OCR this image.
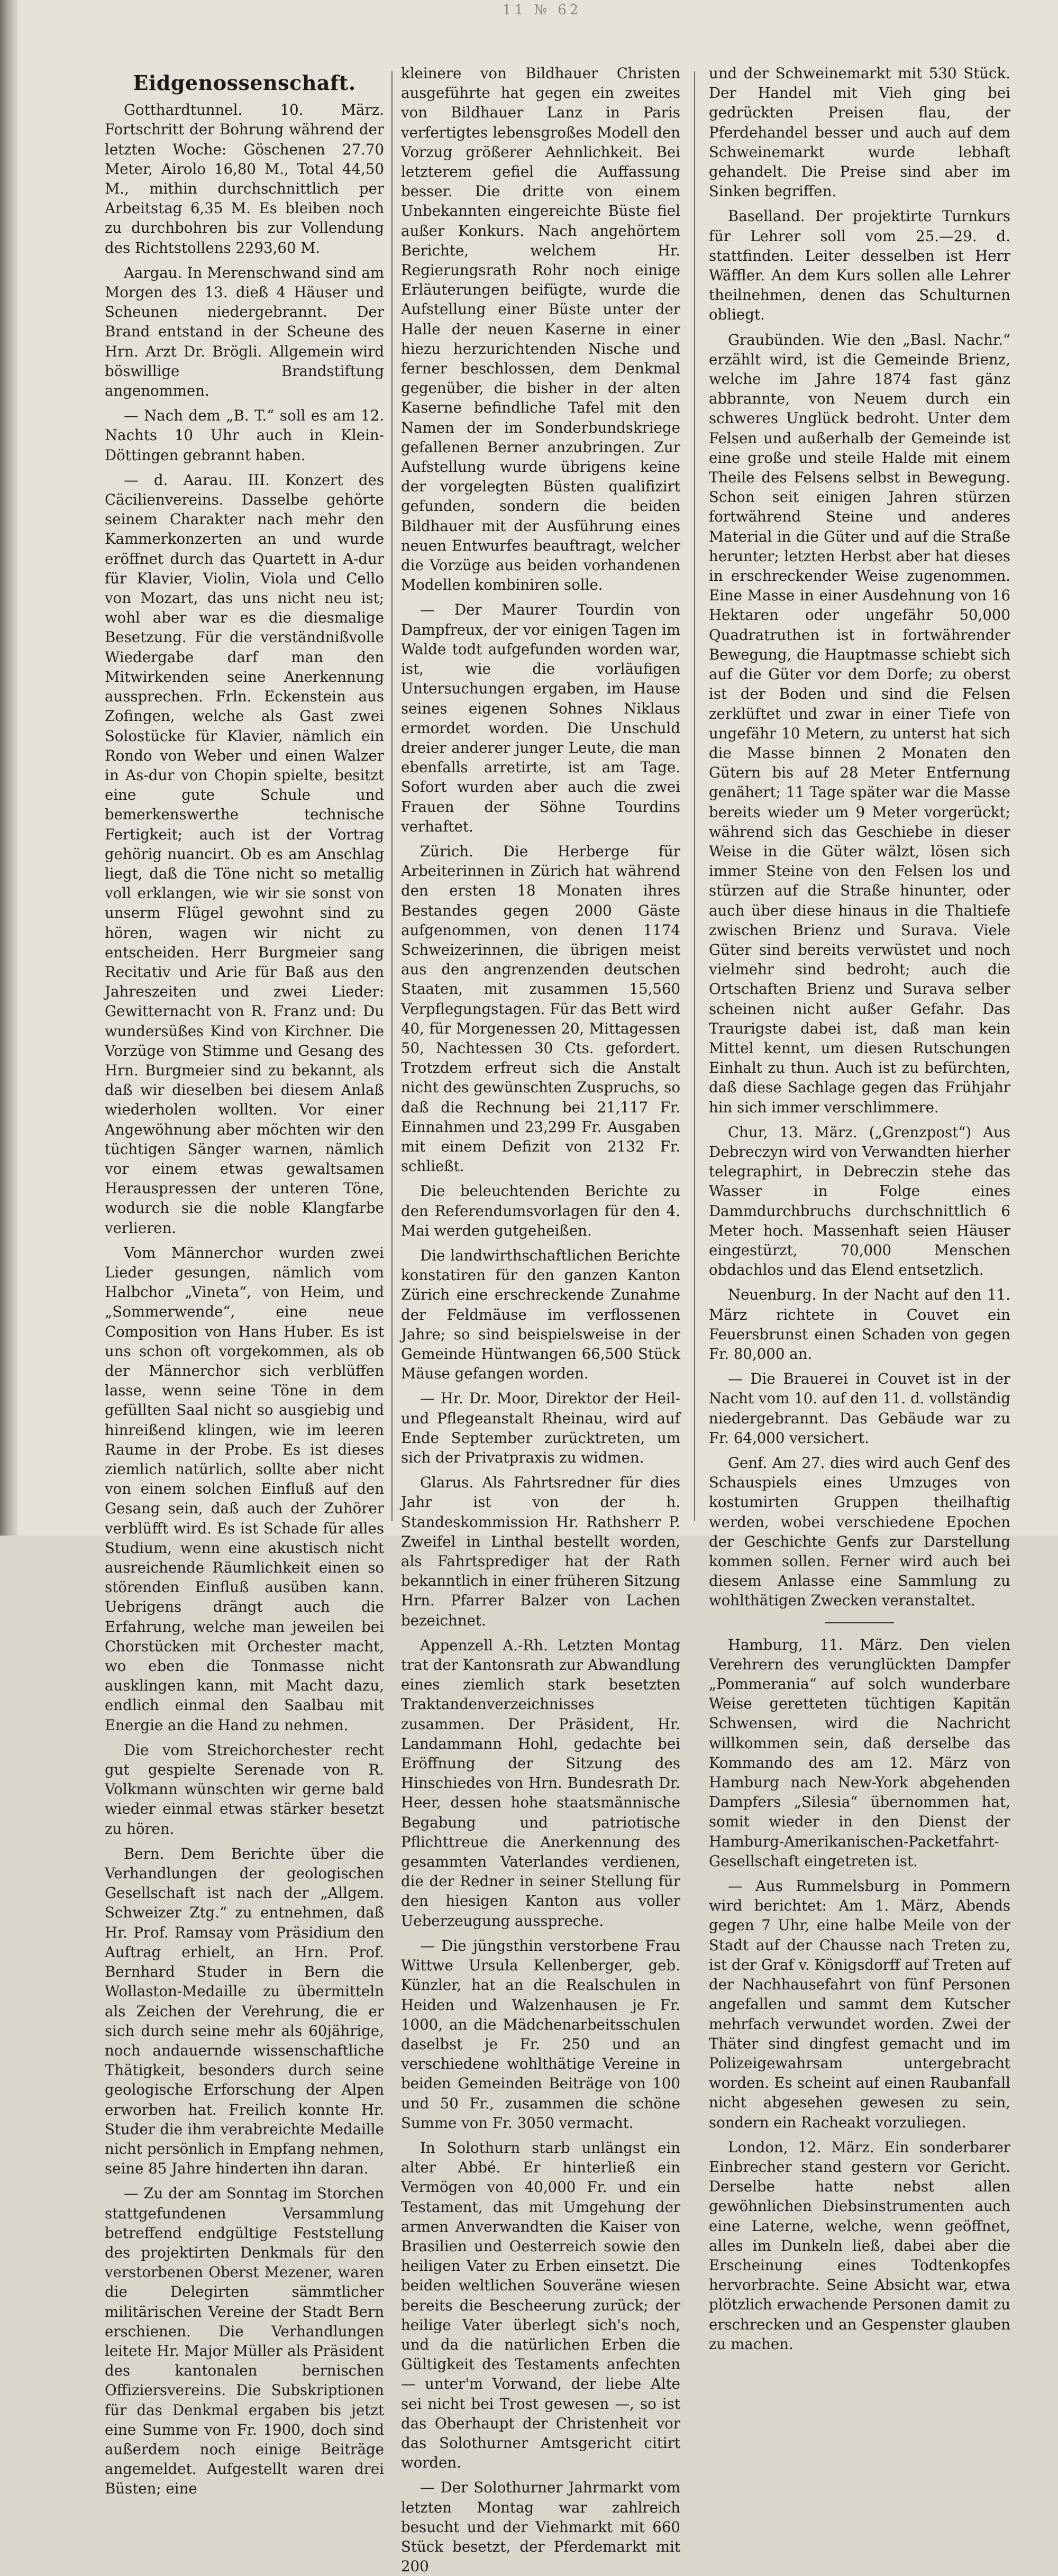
11 № 62
Eidgenossenschaft.

Gotthardtunnel. 10. März. Fortschritt der Bohrung während der letzten Woche: Göschenen 27.70 Meter, Airolo 16,80 M., Total 44,50 M., mithin durchschnittlich per Arbeitstag 6,35 M. Es bleiben noch zu durchbohren bis zur Vollendung des Richtstollens 2293,60 M.

Aargau. In Merenschwand sind am Morgen des 13. dieß 4 Häuser und Scheunen niedergebrannt. Der Brand entstand in der Scheune des Hrn. Arzt Dr. Brögli. Allgemein wird böswillige Brandstiftung angenommen.

— Nach dem „B. T.“ soll es am 12. Nachts 10 Uhr auch in Klein-Döttingen gebrannt haben.

— d. Aarau. III. Konzert des Cäcilienvereins. Dasselbe gehörte seinem Charakter nach mehr den Kammerkonzerten an und wurde eröffnet durch das Quartett in A-dur für Klavier, Violin, Viola und Cello von Mozart, das uns nicht neu ist; wohl aber war es die diesmalige Besetzung. Für die verständnißvolle Wiedergabe darf man den Mitwirkenden seine Anerkennung aussprechen. Frln. Eckenstein aus Zofingen, welche als Gast zwei Solostücke für Klavier, nämlich ein Rondo von Weber und einen Walzer in As-dur von Chopin spielte, besitzt eine gute Schule und bemerkenswerthe technische Fertigkeit; auch ist der Vortrag gehörig nuancirt. Ob es am Anschlag liegt, daß die Töne nicht so metallig voll erklangen, wie wir sie sonst von unserm Flügel gewohnt sind zu hören, wagen wir nicht zu entscheiden. Herr Burgmeier sang Recitativ und Arie für Baß aus den Jahreszeiten und zwei Lieder: Gewitternacht von R. Franz und: Du wundersüßes Kind von Kirchner. Die Vorzüge von Stimme und Gesang des Hrn. Burgmeier sind zu bekannt, als daß wir dieselben bei diesem Anlaß wiederholen wollten. Vor einer Angewöhnung aber möchten wir den tüchtigen Sänger warnen, nämlich vor einem etwas gewaltsamen Herauspressen der unteren Töne, wodurch sie die noble Klangfarbe verlieren.

Vom Männerchor wurden zwei Lieder gesungen, nämlich vom Halbchor „Vineta“, von Heim, und „Sommerwende“, eine neue Composition von Hans Huber. Es ist uns schon oft vorgekommen, als ob der Männerchor sich verblüffen lasse, wenn seine Töne in dem gefüllten Saal nicht so ausgiebig und hinreißend klingen, wie im leeren Raume in der Probe. Es ist dieses ziemlich natürlich, sollte aber nicht von einem solchen Einfluß auf den Gesang sein, daß auch der Zuhörer verblüfft wird. Es ist Schade für alles Studium, wenn eine akustisch nicht ausreichende Räumlichkeit einen so störenden Einfluß ausüben kann. Uebrigens drängt auch die Erfahrung, welche man jeweilen bei Chorstücken mit Orchester macht, wo eben die Tonmasse nicht ausklingen kann, mit Macht dazu, endlich einmal den Saalbau mit Energie an die Hand zu nehmen.

Die vom Streichorchester recht gut gespielte Serenade von R. Volkmann wünschten wir gerne bald wieder einmal etwas stärker besetzt zu hören.

Bern. Dem Berichte über die Verhandlungen der geologischen Gesellschaft ist nach der „Allgem. Schweizer Ztg.“ zu entnehmen, daß Hr. Prof. Ramsay vom Präsidium den Auftrag erhielt, an Hrn. Prof. Bernhard Studer in Bern die Wollaston-Medaille zu übermitteln als Zeichen der Verehrung, die er sich durch seine mehr als 60jährige, noch andauernde wissenschaftliche Thätigkeit, besonders durch seine geologische Erforschung der Alpen erworben hat. Freilich konnte Hr. Studer die ihm verabreichte Medaille nicht persönlich in Empfang nehmen, seine 85 Jahre hinderten ihn daran.

— Zu der am Sonntag im Storchen stattgefundenen Versammlung betreffend endgültige Feststellung des projektirten Denkmals für den verstorbenen Oberst Mezener, waren die Delegirten sämmtlicher militärischen Vereine der Stadt Bern erschienen. Die Verhandlungen leitete Hr. Major Müller als Präsident des kantonalen bernischen Offiziersvereins. Die Subskriptionen für das Denkmal ergaben bis jetzt eine Summe von Fr. 1900, doch sind außerdem noch einige Beiträge angemeldet. Aufgestellt waren drei Büsten; eine

kleinere von Bildhauer Christen ausgeführte hat gegen ein zweites von Bildhauer Lanz in Paris verfertigtes lebensgroßes Modell den Vorzug größerer Aehnlichkeit. Bei letzterem gefiel die Auffassung besser. Die dritte von einem Unbekannten eingereichte Büste fiel außer Konkurs. Nach angehörtem Berichte, welchem Hr. Regierungsrath Rohr noch einige Erläuterungen beifügte, wurde die Aufstellung einer Büste unter der Halle der neuen Kaserne in einer hiezu herzurichtenden Nische und ferner beschlossen, dem Denkmal gegenüber, die bisher in der alten Kaserne befindliche Tafel mit den Namen der im Sonderbundskriege gefallenen Berner anzubringen. Zur Aufstellung wurde übrigens keine der vorgelegten Büsten qualifizirt gefunden, sondern die beiden Bildhauer mit der Ausführung eines neuen Entwurfes beauftragt, welcher die Vorzüge aus beiden vorhandenen Modellen kombiniren solle.

— Der Maurer Tourdin von Dampfreux, der vor einigen Tagen im Walde todt aufgefunden worden war, ist, wie die vorläufigen Untersuchungen ergaben, im Hause seines eigenen Sohnes Niklaus ermordet worden. Die Unschuld dreier anderer junger Leute, die man ebenfalls arretirte, ist am Tage. Sofort wurden aber auch die zwei Frauen der Söhne Tourdins verhaftet.

Zürich. Die Herberge für Arbeiterinnen in Zürich hat während den ersten 18 Monaten ihres Bestandes gegen 2000 Gäste aufgenommen, von denen 1174 Schweizerinnen, die übrigen meist aus den angrenzenden deutschen Staaten, mit zusammen 15,560 Verpflegungstagen. Für das Bett wird 40, für Morgenessen 20, Mittagessen 50, Nachtessen 30 Cts. gefordert. Trotzdem erfreut sich die Anstalt nicht des gewünschten Zuspruchs, so daß die Rechnung bei 21,117 Fr. Einnahmen und 23,299 Fr. Ausgaben mit einem Defizit von 2132 Fr. schließt.

Die beleuchtenden Berichte zu den Referendumsvorlagen für den 4. Mai werden gutgeheißen.

Die landwirthschaftlichen Berichte konstatiren für den ganzen Kanton Zürich eine erschreckende Zunahme der Feldmäuse im verflossenen Jahre; so sind beispielsweise in der Gemeinde Hüntwangen 66,500 Stück Mäuse gefangen worden.

— Hr. Dr. Moor, Direktor der Heil- und Pflegeanstalt Rheinau, wird auf Ende September zurücktreten, um sich der Privatpraxis zu widmen.

Glarus. Als Fahrtsredner für dies Jahr ist von der h. Standeskommission Hr. Rathsherr P. Zweifel in Linthal bestellt worden, als Fahrtsprediger hat der Rath bekanntlich in einer früheren Sitzung Hrn. Pfarrer Balzer von Lachen bezeichnet.

Appenzell A.-Rh. Letzten Montag trat der Kantonsrath zur Abwandlung eines ziemlich stark besetzten Traktandenverzeichnisses zusammen. Der Präsident, Hr. Landammann Hohl, gedachte bei Eröffnung der Sitzung des Hinschiedes von Hrn. Bundesrath Dr. Heer, dessen hohe staatsmännische Begabung und patriotische Pflichttreue die Anerkennung des gesammten Vaterlandes verdienen, die der Redner in seiner Stellung für den hiesigen Kanton aus voller Ueberzeugung ausspreche.

— Die jüngsthin verstorbene Frau Wittwe Ursula Kellenberger, geb. Künzler, hat an die Realschulen in Heiden und Walzenhausen je Fr. 1000, an die Mädchenarbeitsschulen daselbst je Fr. 250 und an verschiedene wohlthätige Vereine in beiden Gemeinden Beiträge von 100 und 50 Fr., zusammen die schöne Summe von Fr. 3050 vermacht.

In Solothurn starb unlängst ein alter Abbé. Er hinterließ ein Vermögen von 40,000 Fr. und ein Testament, das mit Umgehung der armen Anverwandten die Kaiser von Brasilien und Oesterreich sowie den heiligen Vater zu Erben einsetzt. Die beiden weltlichen Souveräne wiesen bereits die Bescheerung zurück; der heilige Vater überlegt sich's noch, und da die natürlichen Erben die Gültigkeit des Testaments anfechten — unter'm Vorwand, der liebe Alte sei nicht bei Trost gewesen —, so ist das Oberhaupt der Christenheit vor das Solothurner Amtsgericht citirt worden.

— Der Solothurner Jahrmarkt vom letzten Montag war zahlreich besucht und der Viehmarkt mit 660 Stück besetzt, der Pferdemarkt mit 200

und der Schweinemarkt mit 530 Stück. Der Handel mit Vieh ging bei gedrückten Preisen flau, der Pferdehandel besser und auch auf dem Schweinemarkt wurde lebhaft gehandelt. Die Preise sind aber im Sinken begriffen.

Baselland. Der projektirte Turnkurs für Lehrer soll vom 25.—29. d. stattfinden. Leiter desselben ist Herr Wäffler. An dem Kurs sollen alle Lehrer theilnehmen, denen das Schulturnen obliegt.

Graubünden. Wie den „Basl. Nachr.“ erzählt wird, ist die Gemeinde Brienz, welche im Jahre 1874 fast gänz abbrannte, von Neuem durch ein schweres Unglück bedroht. Unter dem Felsen und außerhalb der Gemeinde ist eine große und steile Halde mit einem Theile des Felsens selbst in Bewegung. Schon seit einigen Jahren stürzen fortwährend Steine und anderes Material in die Güter und auf die Straße herunter; letzten Herbst aber hat dieses in erschreckender Weise zugenommen. Eine Masse in einer Ausdehnung von 16 Hektaren oder ungefähr 50,000 Quadratruthen ist in fortwährender Bewegung, die Hauptmasse schiebt sich auf die Güter vor dem Dorfe; zu oberst ist der Boden und sind die Felsen zerklüftet und zwar in einer Tiefe von ungefähr 10 Metern, zu unterst hat sich die Masse binnen 2 Monaten den Gütern bis auf 28 Meter Entfernung genähert; 11 Tage später war die Masse bereits wieder um 9 Meter vorgerückt; während sich das Geschiebe in dieser Weise in die Güter wälzt, lösen sich immer Steine von den Felsen los und stürzen auf die Straße hinunter, oder auch über diese hinaus in die Thaltiefe zwischen Brienz und Surava. Viele Güter sind bereits verwüstet und noch vielmehr sind bedroht; auch die Ortschaften Brienz und Surava selber scheinen nicht außer Gefahr. Das Traurigste dabei ist, daß man kein Mittel kennt, um diesen Rutschungen Einhalt zu thun. Auch ist zu befürchten, daß diese Sachlage gegen das Frühjahr hin sich immer verschlimmere.

Chur, 13. März. („Grenzpost“) Aus Debreczyn wird von Verwandten hierher telegraphirt, in Debreczin stehe das Wasser in Folge eines Dammdurchbruchs durchschnittlich 6 Meter hoch. Massenhaft seien Häuser eingestürzt, 70,000 Menschen obdachlos und das Elend entsetzlich.

Neuenburg. In der Nacht auf den 11. März richtete in Couvet ein Feuersbrunst einen Schaden von gegen Fr. 80,000 an.

— Die Brauerei in Couvet ist in der Nacht vom 10. auf den 11. d. vollständig niedergebrannt. Das Gebäude war zu Fr. 64,000 versichert.

Genf. Am 27. dies wird auch Genf des Schauspiels eines Umzuges von kostumirten Gruppen theilhaftig werden, wobei verschiedene Epochen der Geschichte Genfs zur Darstellung kommen sollen. Ferner wird auch bei diesem Anlasse eine Sammlung zu wohlthätigen Zwecken veranstaltet.

Hamburg, 11. März. Den vielen Verehrern des verunglückten Dampfer „Pommerania“ auf solch wunderbare Weise geretteten tüchtigen Kapitän Schwensen, wird die Nachricht willkommen sein, daß derselbe das Kommando des am 12. März von Hamburg nach New-York abgehenden Dampfers „Silesia“ übernommen hat, somit wieder in den Dienst der Hamburg-Amerikanischen-Packetfahrt-Gesellschaft eingetreten ist.

— Aus Rummelsburg in Pommern wird berichtet: Am 1. März, Abends gegen 7 Uhr, eine halbe Meile von der Stadt auf der Chausse nach Treten zu, ist der Graf v. Königsdorff auf Treten auf der Nachhausefahrt von fünf Personen angefallen und sammt dem Kutscher mehrfach verwundet worden. Zwei der Thäter sind dingfest gemacht und im Polizeigewahrsam untergebracht worden. Es scheint auf einen Raubanfall nicht abgesehen gewesen zu sein, sondern ein Racheakt vorzuliegen.

London, 12. März. Ein sonderbarer Einbrecher stand gestern vor Gericht. Derselbe hatte nebst allen gewöhnlichen Diebsinstrumenten auch eine Laterne, welche, wenn geöffnet, alles im Dunkeln ließ, dabei aber die Erscheinung eines Todtenkopfes hervorbrachte. Seine Absicht war, etwa plötzlich erwachende Personen damit zu erschrecken und an Gespenster glauben zu machen.
